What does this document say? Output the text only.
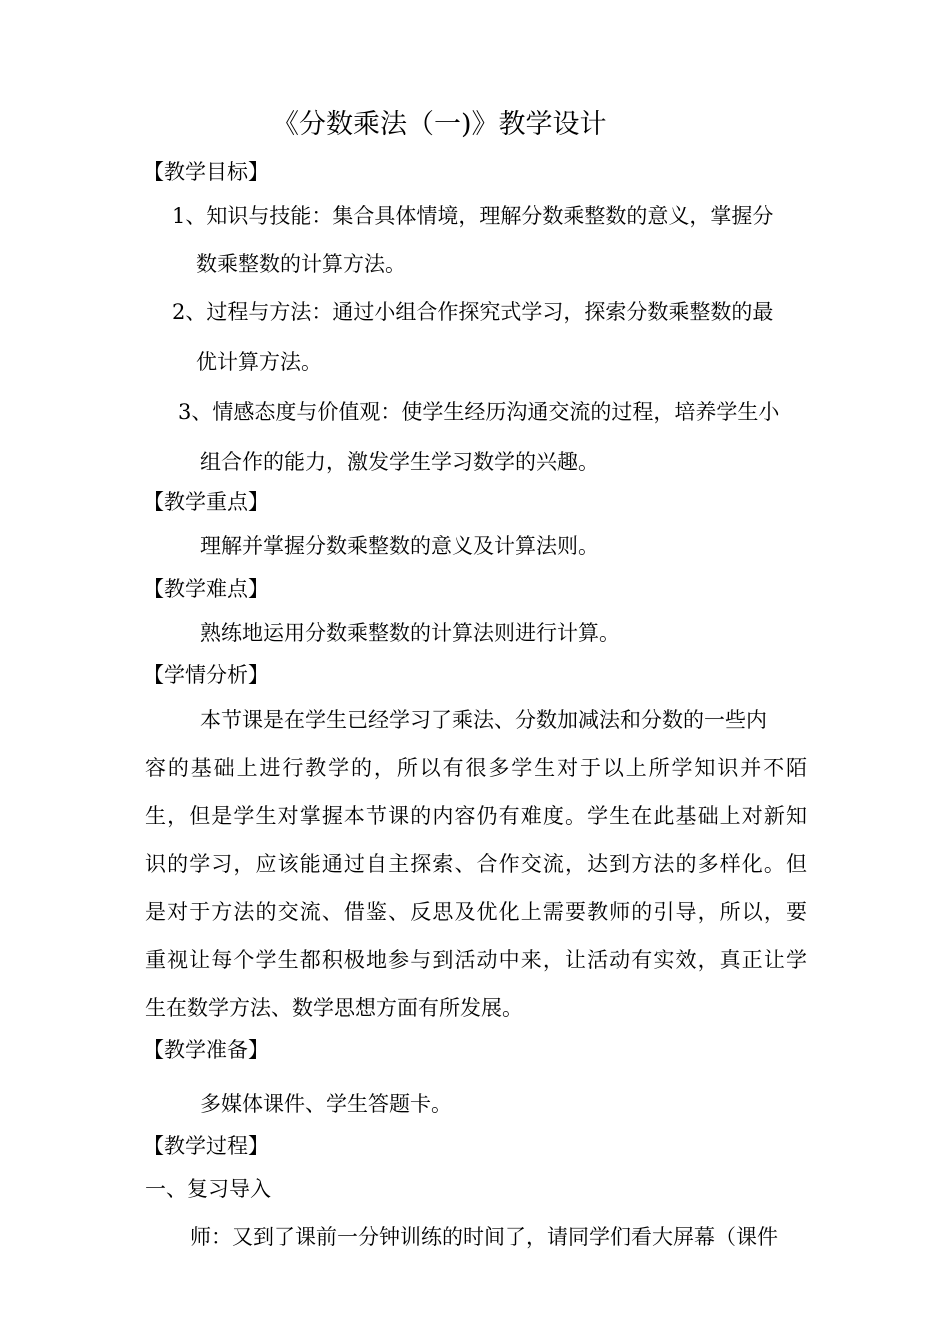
《分数乘法（一)》教学设计
【教学目标】
1、知识与技能：集合具体情境，理解分数乘整数的意义，掌握分
数乘整数的计算方法。
2、过程与方法：通过小组合作探究式学习，探索分数乘整数的最
优计算方法。
3、情感态度与价值观：使学生经历沟通交流的过程，培养学生小
组合作的能力，激发学生学习数学的兴趣。
【教学重点】
理解并掌握分数乘整数的意义及计算法则。
【教学难点】
熟练地运用分数乘整数的计算法则进行计算。
【学情分析】
本节课是在学生已经学习了乘法、分数加减法和分数的一些内
容的基础上进行教学的，所以有很多学生对于以上所学知识并不陌
生，但是学生对掌握本节课的内容仍有难度。学生在此基础上对新知
识的学习，应该能通过自主探索、合作交流，达到方法的多样化。但
是对于方法的交流、借鉴、反思及优化上需要教师的引导，所以，要
重视让每个学生都积极地参与到活动中来，让活动有实效，真正让学
生在数学方法、数学思想方面有所发展。
【教学准备】
多媒体课件、学生答题卡。
【教学过程】
一、复习导入
师：又到了课前一分钟训练的时间了，请同学们看大屏幕（课件
